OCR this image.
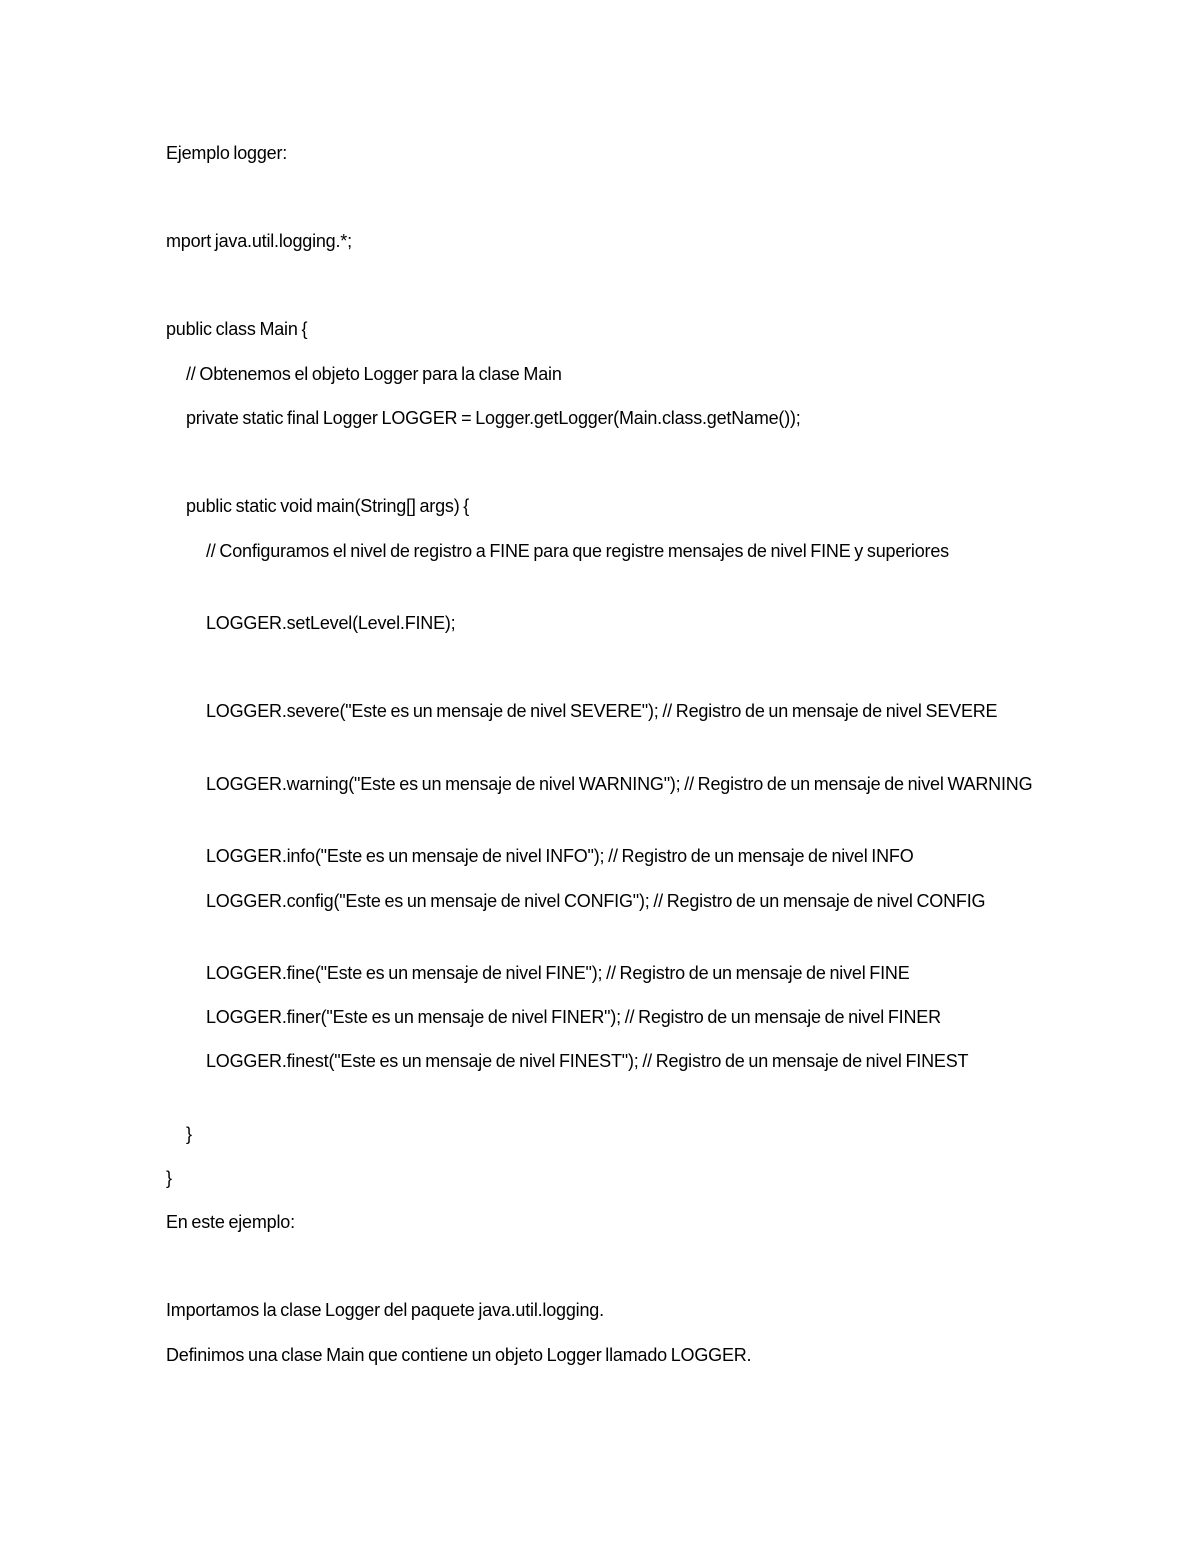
Ejemplo logger:
mport java.util.logging.*;
public class Main {
// Obtenemos el objeto Logger para la clase Main
private static final Logger LOGGER = Logger.getLogger(Main.class.getName());
public static void main(String[] args) {
// Configuramos el nivel de registro a FINE para que registre mensajes de nivel FINE y superiores
LOGGER.setLevel(Level.FINE);
LOGGER.severe("Este es un mensaje de nivel SEVERE"); // Registro de un mensaje de nivel SEVERE
LOGGER.warning("Este es un mensaje de nivel WARNING"); // Registro de un mensaje de nivel WARNING
LOGGER.info("Este es un mensaje de nivel INFO"); // Registro de un mensaje de nivel INFO
LOGGER.config("Este es un mensaje de nivel CONFIG"); // Registro de un mensaje de nivel CONFIG
LOGGER.fine("Este es un mensaje de nivel FINE"); // Registro de un mensaje de nivel FINE
LOGGER.finer("Este es un mensaje de nivel FINER"); // Registro de un mensaje de nivel FINER
LOGGER.finest("Este es un mensaje de nivel FINEST"); // Registro de un mensaje de nivel FINEST
}
}
En este ejemplo:
Importamos la clase Logger del paquete java.util.logging.
Definimos una clase Main que contiene un objeto Logger llamado LOGGER.
